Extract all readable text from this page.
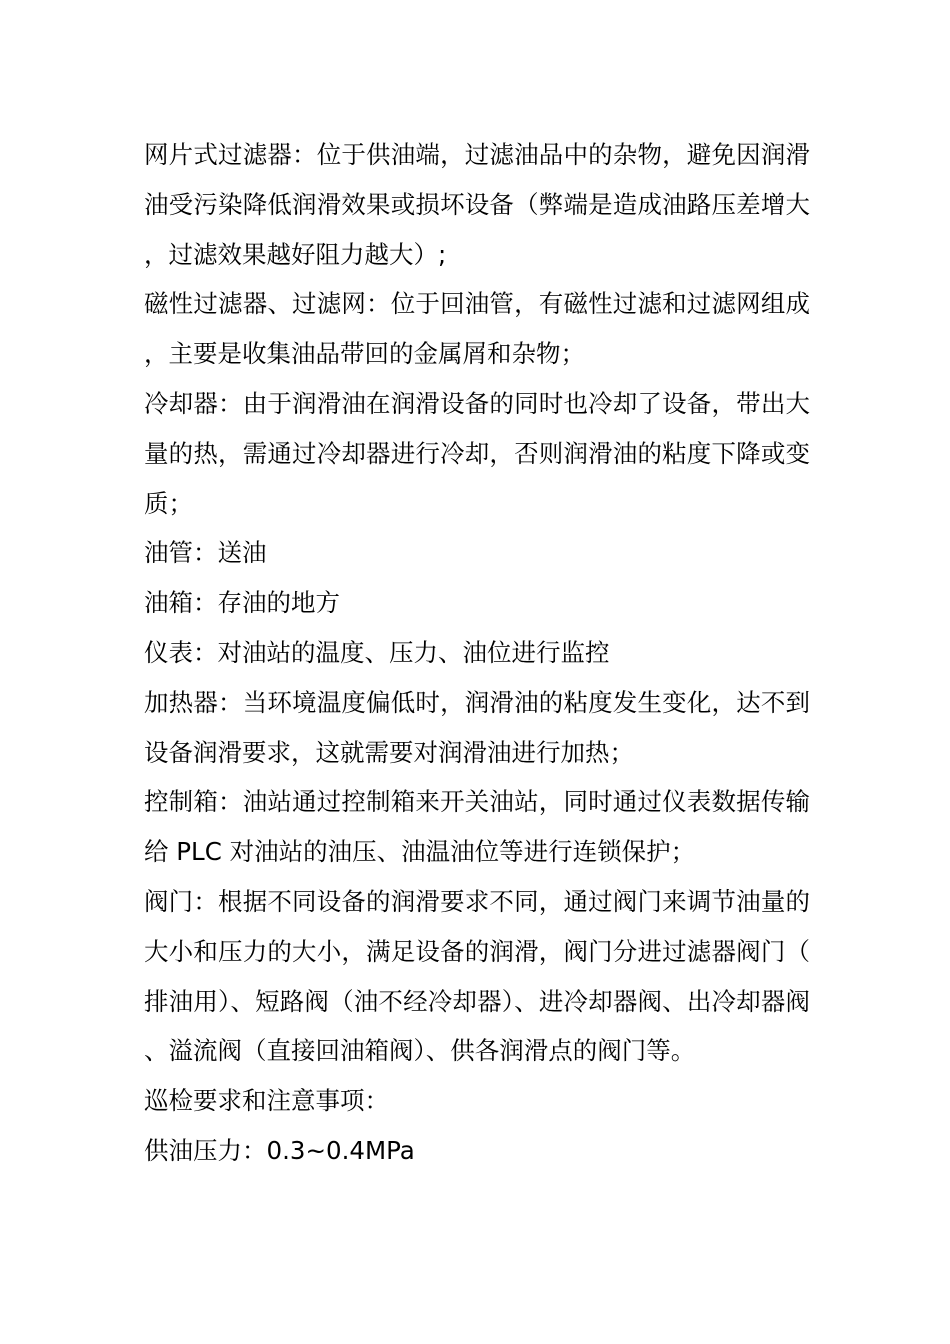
网片式过滤器：位于供油端，过滤油品中的杂物，避免因润滑油受污染降低润滑效果或损坏设备（弊端是造成油路压差增大，过滤效果越好阻力越大）;

磁性过滤器、过滤网：位于回油管，有磁性过滤和过滤网组成，主要是收集油品带回的金属屑和杂物；

冷却器：由于润滑油在润滑设备的同时也冷却了设备，带出大量的热，需通过冷却器进行冷却，否则润滑油的粘度下降或变质；

油管：送油

油箱：存油的地方

仪表：对油站的温度、压力、油位进行监控

加热器：当环境温度偏低时，润滑油的粘度发生变化，达不到设备润滑要求，这就需要对润滑油进行加热；

控制箱：油站通过控制箱来开关油站，同时通过仪表数据传输给 PLC 对油站的油压、油温油位等进行连锁保护；

阀门：根据不同设备的润滑要求不同，通过阀门来调节油量的大小和压力的大小，满足设备的润滑，阀门分进过滤器阀门（排油用）、短路阀（油不经冷却器）、进冷却器阀、出冷却器阀、溢流阀（直接回油箱阀）、供各润滑点的阀门等。

巡检要求和注意事项：

供油压力：0.3~0.4MPa
